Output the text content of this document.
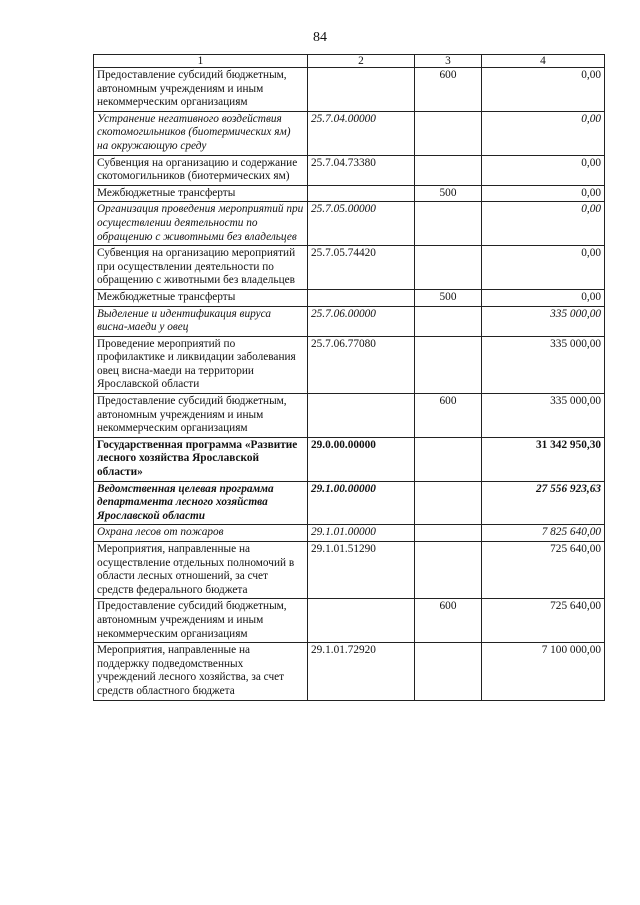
84
1	2	3	4
Предоставление субсидий бюджетным, автономным учреждениям и иным некоммерческим организациям		600	0,00
Устранение негативного воздействия скотомогильников (биотермических ям) на окружающую среду	25.7.04.00000		0,00
Субвенция на организацию и содержание скотомогильников (биотермических ям)	25.7.04.73380		0,00
Межбюджетные трансферты		500	0,00
Организация проведения мероприятий при осуществлении деятельности по обращению с животными без владельцев	25.7.05.00000		0,00
Субвенция на организацию мероприятий при осуществлении деятельности по обращению с животными без владельцев	25.7.05.74420		0,00
Межбюджетные трансферты		500	0,00
Выделение и идентификация вируса висна-маеди у овец	25.7.06.00000		335 000,00
Проведение мероприятий по профилактике и ликвидации заболевания овец висна-маеди на территории Ярославской области	25.7.06.77080		335 000,00
Предоставление субсидий бюджетным, автономным учреждениям и иным некоммерческим организациям		600	335 000,00
Государственная программа «Развитие лесного хозяйства Ярославской области»	29.0.00.00000		31 342 950,30
Ведомственная целевая программа департамента лесного хозяйства Ярославской области	29.1.00.00000		27 556 923,63
Охрана лесов от пожаров	29.1.01.00000		7 825 640,00
Мероприятия, направленные на осуществление отдельных полномочий в области лесных отношений, за счет средств федерального бюджета	29.1.01.51290		725 640,00
Предоставление субсидий бюджетным, автономным учреждениям и иным некоммерческим организациям		600	725 640,00
Мероприятия, направленные на поддержку подведомственных учреждений лесного хозяйства, за счет средств областного бюджета	29.1.01.72920		7 100 000,00
